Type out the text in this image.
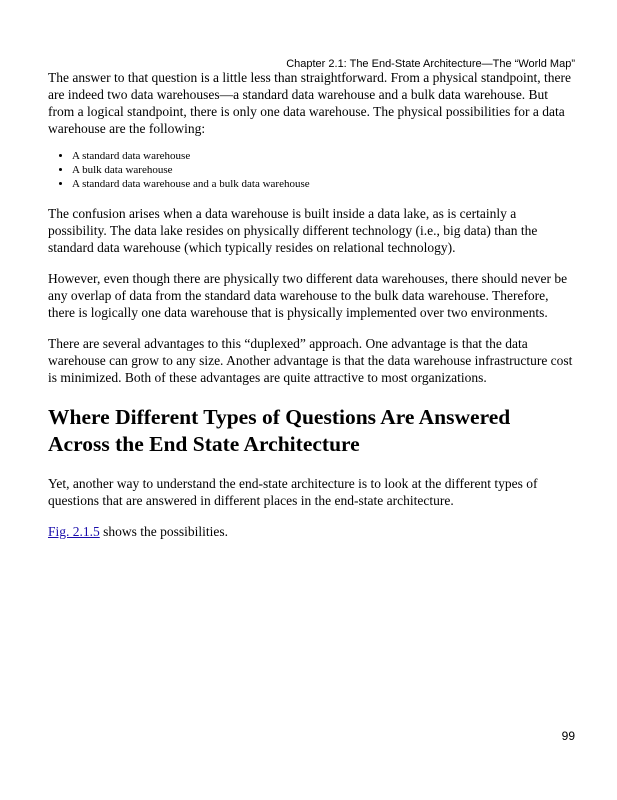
Chapter 2.1: The End-State Architecture—The “World Map”

The answer to that question is a little less than straightforward. From a physical standpoint, there are indeed two data warehouses—a standard data warehouse and a bulk data warehouse. But from a logical standpoint, there is only one data warehouse. The physical possibilities for a data warehouse are the following:

• A standard data warehouse
• A bulk data warehouse
• A standard data warehouse and a bulk data warehouse

The confusion arises when a data warehouse is built inside a data lake, as is certainly a possibility. The data lake resides on physically different technology (i.e., big data) than the standard data warehouse (which typically resides on relational technology).

However, even though there are physically two different data warehouses, there should never be any overlap of data from the standard data warehouse to the bulk data warehouse. Therefore, there is logically one data warehouse that is physically implemented over two environments.

There are several advantages to this “duplexed” approach. One advantage is that the data warehouse can grow to any size. Another advantage is that the data warehouse infrastructure cost is minimized. Both of these advantages are quite attractive to most organizations.

Where Different Types of Questions Are Answered Across the End State Architecture

Yet, another way to understand the end-state architecture is to look at the different types of questions that are answered in different places in the end-state architecture.

Fig. 2.1.5 shows the possibilities.

99
